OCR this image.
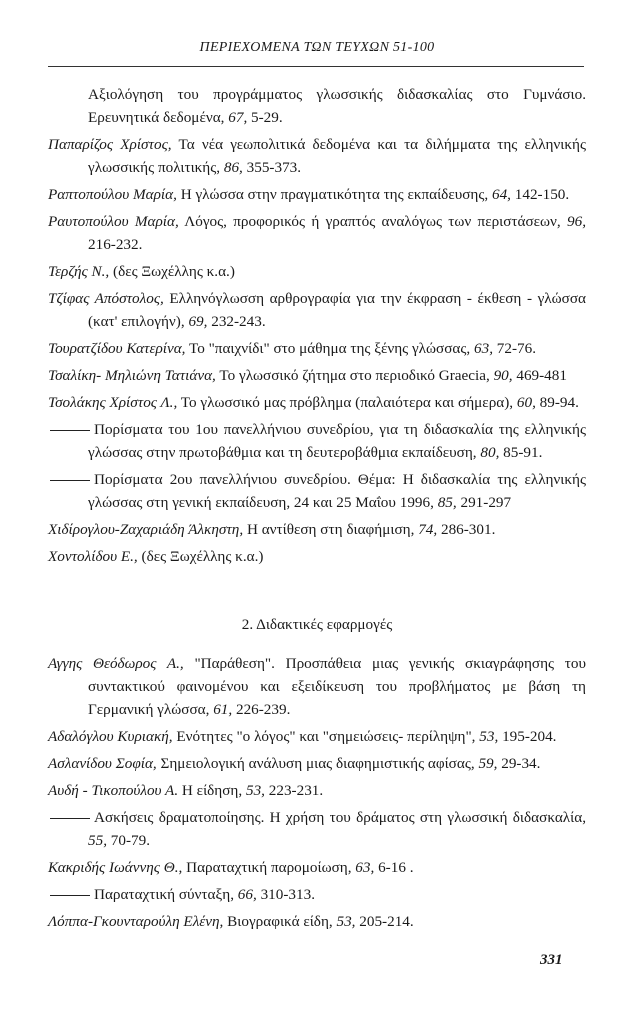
ΠΕΡΙΕΧΟΜΕΝΑ ΤΩΝ ΤΕΥΧΩΝ 51-100
Αξιολόγηση του προγράμματος γλωσσικής διδασκαλίας στο Γυμνάσιο. Ερευνητικά δεδομένα, 67, 5-29.
Παπαρίζος Χρίστος, Τα νέα γεωπολιτικά δεδομένα και τα διλήμματα της ελληνικής γλωσσικής πολιτικής, 86, 355-373.
Ραπτοπούλου Μαρία, Η γλώσσα στην πραγματικότητα της εκπαίδευσης, 64, 142-150.
Ραυτοπούλου Μαρία, Λόγος, προφορικός ή γραπτός αναλόγως των περιστάσεων, 96, 216-232.
Τερζής Ν., (δες Ξωχέλλης κ.α.)
Τζίφας Απόστολος, Ελληνόγλωσση αρθρογραφία για την έκφραση - έκθεση - γλώσσα (κατ' επιλογήν), 69, 232-243.
Τουρατζίδου Κατερίνα, Το "παιχνίδι" στο μάθημα της ξένης γλώσσας, 63, 72-76.
Τσαλίκη- Μηλιώνη Τατιάνα, Το γλωσσικό ζήτημα στο περιοδικό Graecia, 90, 469-481
Τσολάκης Χρίστος Λ., Το γλωσσικό μας πρόβλημα (παλαιότερα και σήμερα), 60, 89-94.
Πορίσματα του 1ου πανελλήνιου συνεδρίου, για τη διδασκαλία της ελληνικής γλώσσας στην πρωτοβάθμια και τη δευτεροβάθμια εκπαίδευση, 80, 85-91.
Πορίσματα 2ου πανελλήνιου συνεδρίου. Θέμα: Η διδασκαλία της ελληνικής γλώσσας στη γενική εκπαίδευση, 24 και 25 Μαΐου 1996, 85, 291-297
Χιδίρογλου-Ζαχαριάδη Άλκηστη, Η αντίθεση στη διαφήμιση, 74, 286-301.
Χοντολίδου Ε., (δες Ξωχέλλης κ.α.)
2. Διδακτικές εφαρμογές
Αγγης Θεόδωρος Α., "Παράθεση". Προσπάθεια μιας γενικής σκιαγράφησης του συντακτικού φαινομένου και εξειδίκευση του προβλήματος με βάση τη Γερμανική γλώσσα, 61, 226-239.
Αδαλόγλου Κυριακή, Ενότητες "ο λόγος" και "σημειώσεις- περίληψη", 53, 195-204.
Ασλανίδου Σοφία, Σημειολογική ανάλυση μιας διαφημιστικής αφίσας, 59, 29-34.
Αυδή - Τικοπούλου Α. Η είδηση, 53, 223-231.
Ασκήσεις δραματοποίησης. Η χρήση του δράματος στη γλωσσική διδασκαλία, 55, 70-79.
Κακριδής Ιωάννης Θ., Παραταχτική παρομοίωση, 63, 6-16 .
Παραταχτική σύνταξη, 66, 310-313.
Λόππα-Γκουνταρούλη Ελένη, Βιογραφικά είδη, 53, 205-214.
331
